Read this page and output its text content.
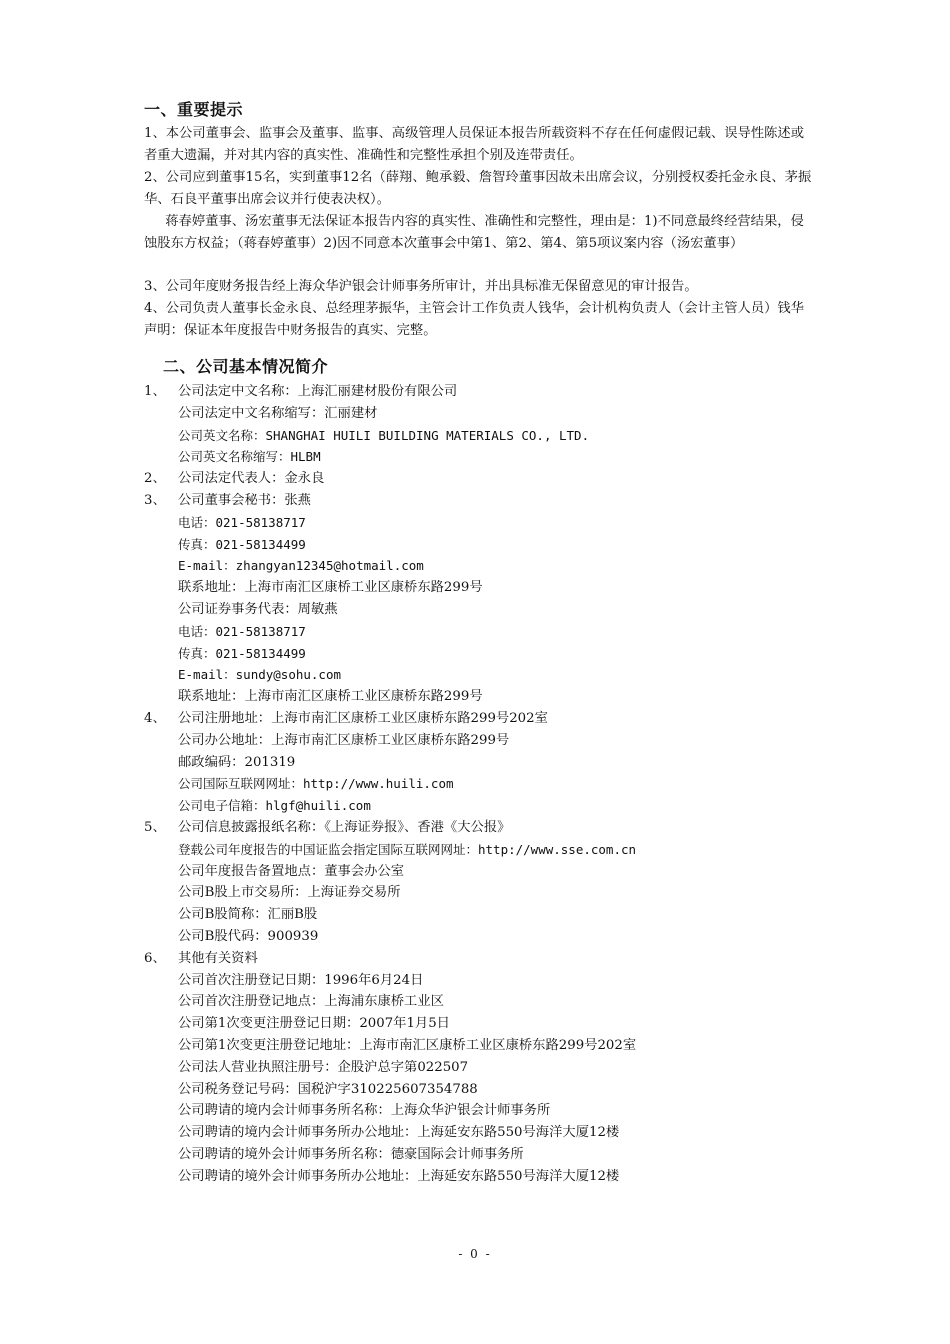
一、重要提示

1、本公司董事会、监事会及董事、监事、高级管理人员保证本报告所载资料不存在任何虚假记载、误导性陈述或者重大遗漏，并对其内容的真实性、准确性和完整性承担个别及连带责任。

2、公司应到董事15名，实到董事12名（薛翔、鲍承毅、詹智玲董事因故未出席会议，分别授权委托金永良、茅振华、石良平董事出席会议并行使表决权）。

蒋春婷董事、汤宏董事无法保证本报告内容的真实性、准确性和完整性，理由是：1)不同意最终经营结果，侵蚀股东方权益；（蒋春婷董事）2)因不同意本次董事会中第1、第2、第4、第5项议案内容（汤宏董事）

3、公司年度财务报告经上海众华沪银会计师事务所审计，并出具标准无保留意见的审计报告。

4、公司负责人董事长金永良、总经理茅振华，主管会计工作负责人钱华，会计机构负责人（会计主管人员）钱华声明：保证本年度报告中财务报告的真实、完整。

二、公司基本情况简介
1、 公司法定中文名称：上海汇丽建材股份有限公司
公司法定中文名称缩写：汇丽建材
公司英文名称：SHANGHAI HUILI BUILDING MATERIALS CO., LTD.
公司英文名称缩写：HLBM
2、 公司法定代表人：金永良
3、 公司董事会秘书：张燕
电话：021-58138717
传真：021-58134499
E-mail：zhangyan12345@hotmail.com
联系地址：上海市南汇区康桥工业区康桥东路299号
公司证券事务代表：周敏燕
电话：021-58138717
传真：021-58134499
E-mail：sundy@sohu.com
联系地址：上海市南汇区康桥工业区康桥东路299号
4、 公司注册地址：上海市南汇区康桥工业区康桥东路299号202室
公司办公地址：上海市南汇区康桥工业区康桥东路299号
邮政编码：201319
公司国际互联网网址：http://www.huili.com
公司电子信箱：hlgf@huili.com
5、 公司信息披露报纸名称：《上海证券报》、香港《大公报》
登载公司年度报告的中国证监会指定国际互联网网址：http://www.sse.com.cn
公司年度报告备置地点：董事会办公室
公司B股上市交易所：上海证券交易所
公司B股简称：汇丽B股
公司B股代码：900939
6、 其他有关资料
公司首次注册登记日期：1996年6月24日
公司首次注册登记地点：上海浦东康桥工业区
公司第1次变更注册登记日期：2007年1月5日
公司第1次变更注册登记地址：上海市南汇区康桥工业区康桥东路299号202室
公司法人营业执照注册号：企股沪总字第022507
公司税务登记号码：国税沪字310225607354788
公司聘请的境内会计师事务所名称：上海众华沪银会计师事务所
公司聘请的境内会计师事务所办公地址：上海延安东路550号海洋大厦12楼
公司聘请的境外会计师事务所名称：德豪国际会计师事务所
公司聘请的境外会计师事务所办公地址：上海延安东路550号海洋大厦12楼
- 0 -
